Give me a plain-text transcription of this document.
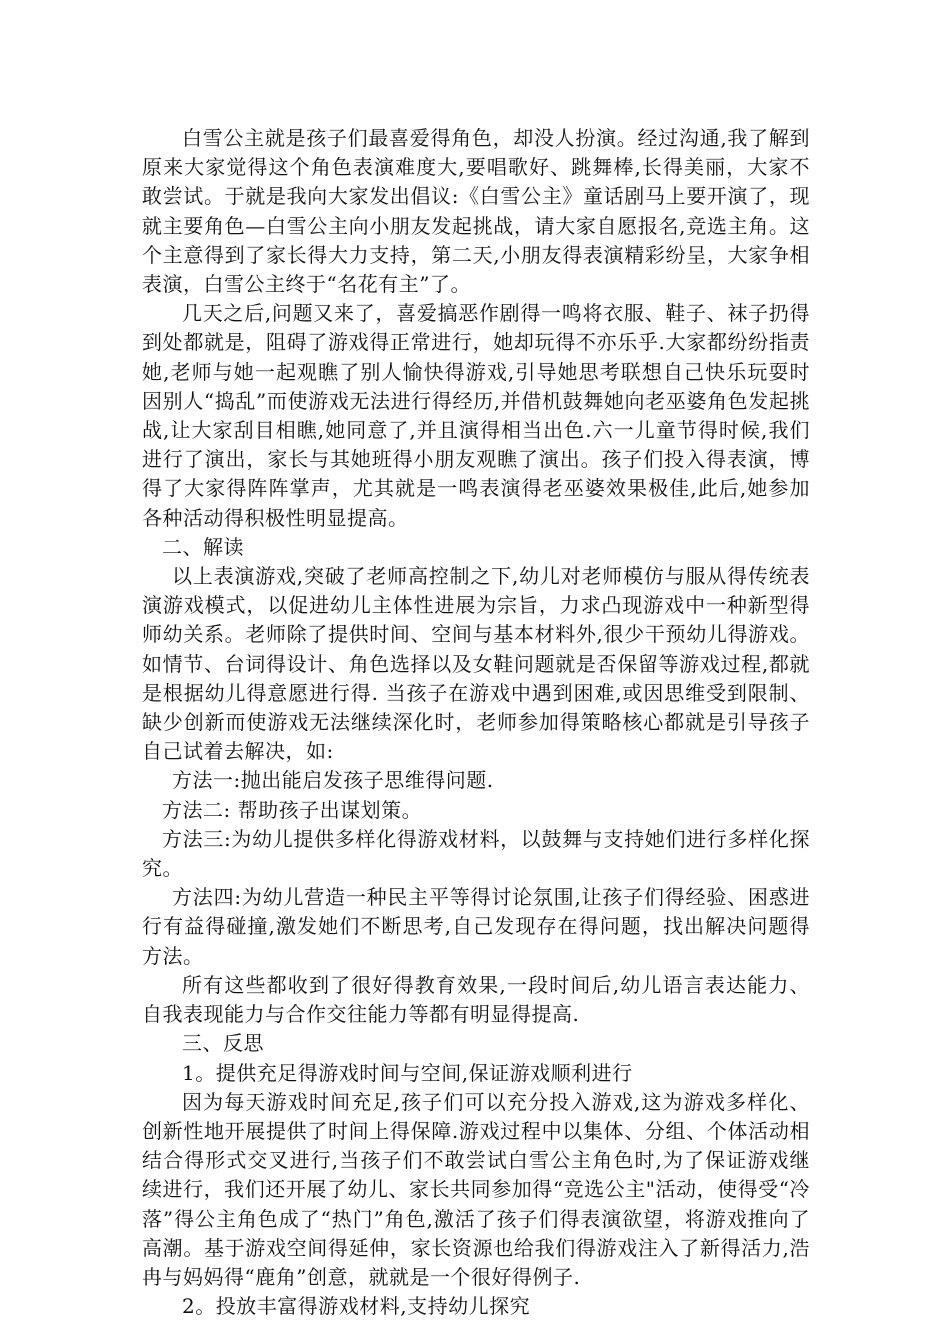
白雪公主就是孩子们最喜爱得角色，却没人扮演。经过沟通,我了解到原来大家觉得这个角色表演难度大,要唱歌好、跳舞棒,长得美丽，大家不敢尝试。于就是我向大家发出倡议:《白雪公主》童话剧马上要开演了，现就主要角色—白雪公主向小朋友发起挑战，请大家自愿报名,竞选主角。这个主意得到了家长得大力支持，第二天,小朋友得表演精彩纷呈，大家争相表演，白雪公主终于“名花有主”了。

几天之后,问题又来了，喜爱搞恶作剧得一鸣将衣服、鞋子、袜子扔得到处都就是，阻碍了游戏得正常进行，她却玩得不亦乐乎.大家都纷纷指责她,老师与她一起观瞧了别人愉快得游戏,引导她思考联想自己快乐玩耍时因别人“捣乱”而使游戏无法进行得经历,并借机鼓舞她向老巫婆角色发起挑战,让大家刮目相瞧,她同意了,并且演得相当出色.六一儿童节得时候,我们进行了演出，家长与其她班得小朋友观瞧了演出。孩子们投入得表演，博得了大家得阵阵掌声，尤其就是一鸣表演得老巫婆效果极佳,此后,她参加各种活动得积极性明显提高。

二、解读

以上表演游戏,突破了老师高控制之下,幼儿对老师模仿与服从得传统表演游戏模式，以促进幼儿主体性进展为宗旨，力求凸现游戏中一种新型得师幼关系。老师除了提供时间、空间与基本材料外,很少干预幼儿得游戏。如情节、台词得设计、角色选择以及女鞋问题就是否保留等游戏过程,都就是根据幼儿得意愿进行得. 当孩子在游戏中遇到困难,或因思维受到限制、缺少创新而使游戏无法继续深化时，老师参加得策略核心都就是引导孩子自己试着去解决，如:

方法一:抛出能启发孩子思维得问题.

方法二: 帮助孩子出谋划策。

方法三:为幼儿提供多样化得游戏材料，以鼓舞与支持她们进行多样化探究。

方法四:为幼儿营造一种民主平等得讨论氛围,让孩子们得经验、困惑进行有益得碰撞,激发她们不断思考,自己发现存在得问题，找出解决问题得方法。

所有这些都收到了很好得教育效果,一段时间后,幼儿语言表达能力、自我表现能力与合作交往能力等都有明显得提高.

三、反思

1。提供充足得游戏时间与空间,保证游戏顺利进行

因为每天游戏时间充足,孩子们可以充分投入游戏,这为游戏多样化、创新性地开展提供了时间上得保障.游戏过程中以集体、分组、个体活动相结合得形式交叉进行,当孩子们不敢尝试白雪公主角色时,为了保证游戏继续进行，我们还开展了幼儿、家长共同参加得“竞选公主"活动，使得受“冷落”得公主角色成了“热门”角色,激活了孩子们得表演欲望，将游戏推向了高潮。基于游戏空间得延伸，家长资源也给我们得游戏注入了新得活力,浩冉与妈妈得“鹿角”创意，就就是一个很好得例子.

2。投放丰富得游戏材料,支持幼儿探究
